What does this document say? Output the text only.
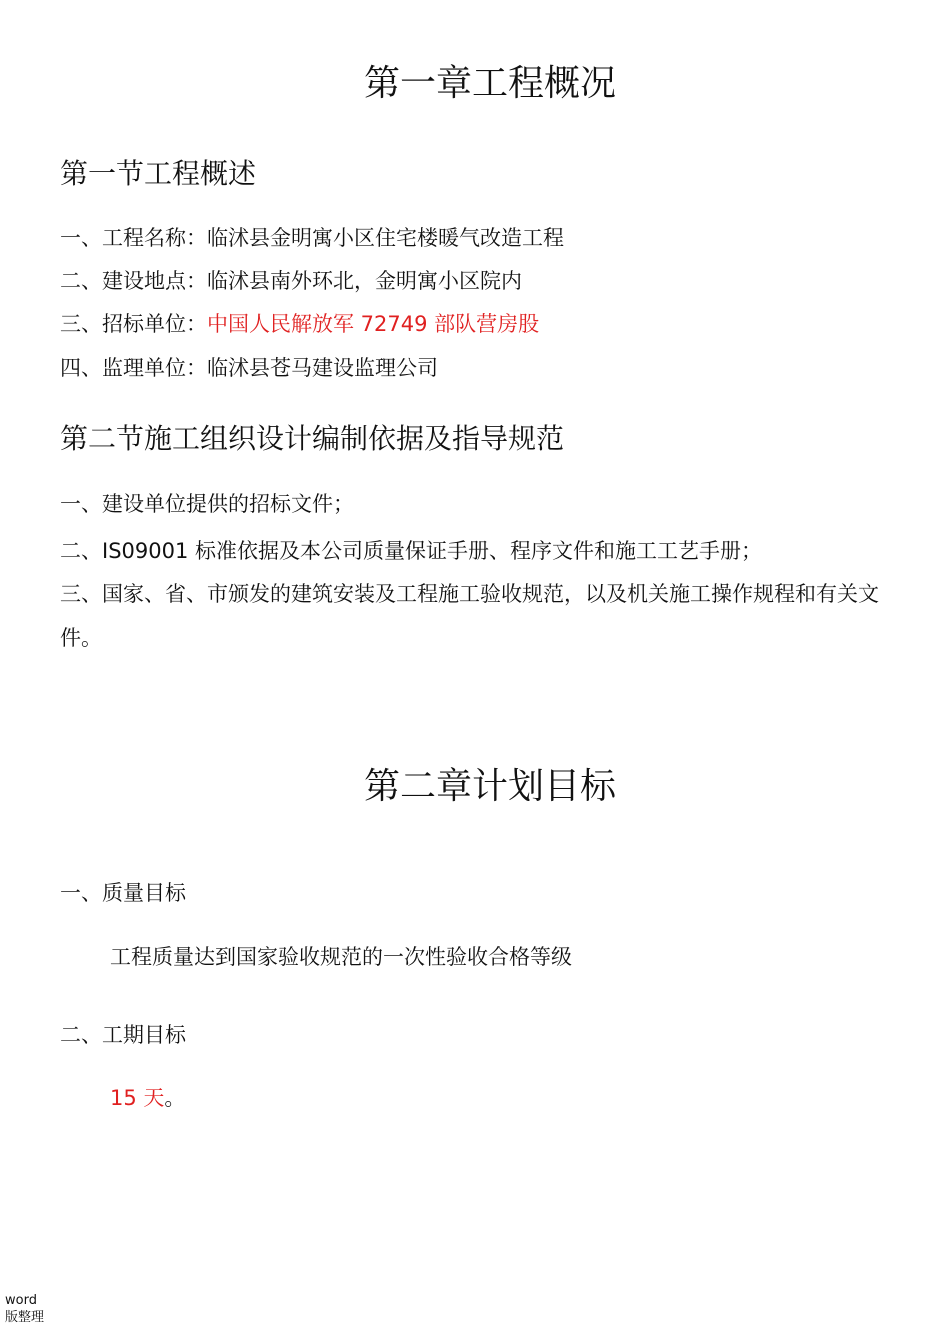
第一章工程概况
第一节工程概述

一、工程名称：临沭县金明寓小区住宅楼暖气改造工程

二、建设地点：临沭县南外环北，金明寓小区院内

三、招标单位：中国人民解放军 72749 部队营房股

四、监理单位：临沭县苍马建设监理公司

第二节施工组织设计编制依据及指导规范

一、建设单位提供的招标文件；

二、IS09001 标准依据及本公司质量保证手册、程序文件和施工工艺手册；

三、国家、省、市颁发的建筑安装及工程施工验收规范，以及机关施工操作规程和有关文件。

第二章计划目标

一、质量目标

工程质量达到国家验收规范的一次性验收合格等级

二、工期目标

15 天。

word
版整理
